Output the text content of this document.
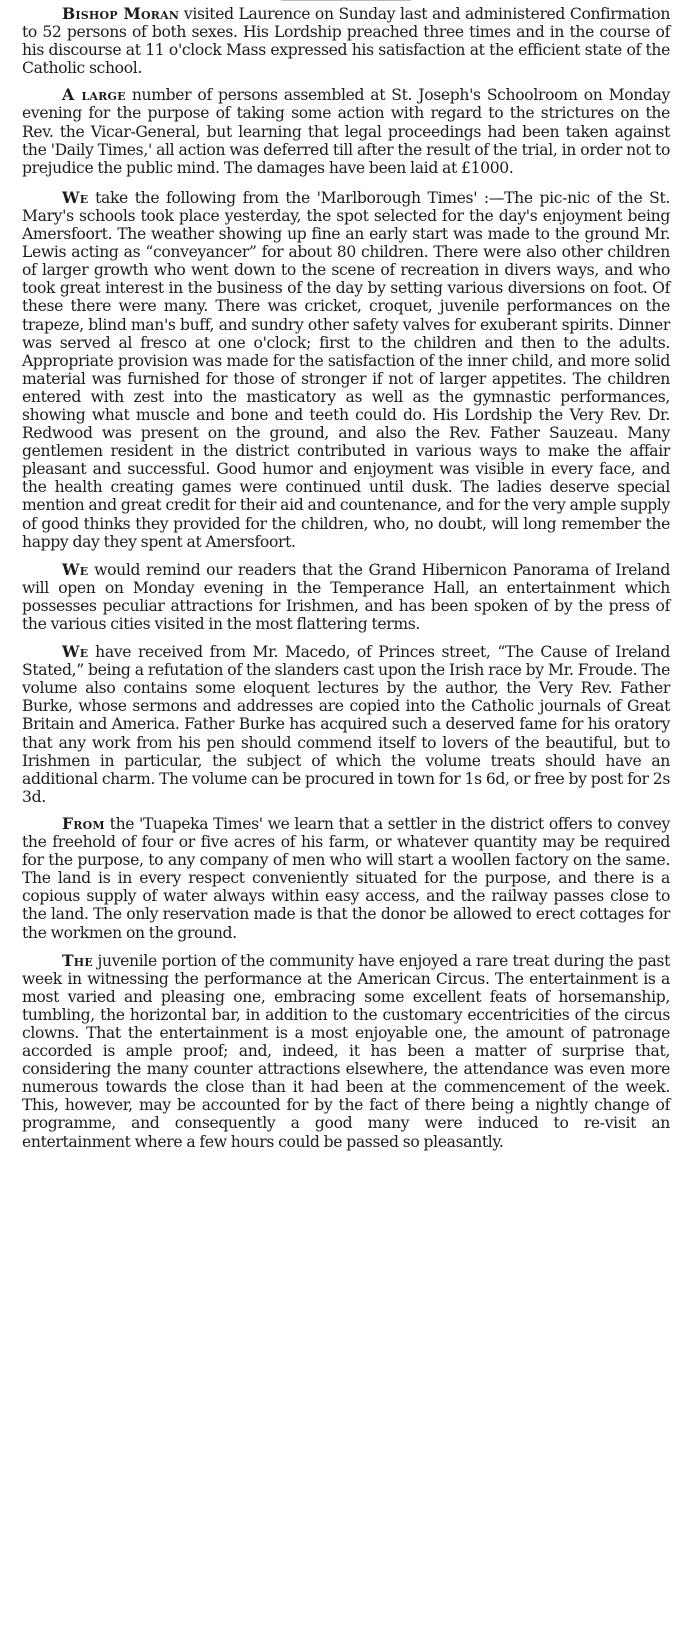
Bishop Moran visited Laurence on Sunday last and administered Confirmation to 52 persons of both sexes. His Lordship preached three times and in the course of his discourse at 11 o'clock Mass expressed his satisfaction at the efficient state of the Catholic school.

A large number of persons assembled at St. Joseph's Schoolroom on Monday evening for the purpose of taking some action with regard to the strictures on the Rev. the Vicar-General, but learning that legal proceedings had been taken against the 'Daily Times,' all action was deferred till after the result of the trial, in order not to prejudice the public mind. The damages have been laid at £1000.

We take the following from the 'Marlborough Times' :—The pic-nic of the St. Mary's schools took place yesterday, the spot selected for the day's enjoyment being Amersfoort. The weather showing up fine an early start was made to the ground Mr. Lewis acting as “conveyancer” for about 80 children. There were also other children of larger growth who went down to the scene of recreation in divers ways, and who took great interest in the business of the day by setting various diversions on foot. Of these there were many. There was cricket, croquet, juvenile performances on the trapeze, blind man's buff, and sundry other safety valves for exuberant spirits. Dinner was served al fresco at one o'clock; first to the children and then to the adults. Appropriate provision was made for the satisfaction of the inner child, and more solid material was furnished for those of stronger if not of larger appetites. The children entered with zest into the masticatory as well as the gymnastic performances, showing what muscle and bone and teeth could do. His Lordship the Very Rev. Dr. Redwood was present on the ground, and also the Rev. Father Sauzeau. Many gentlemen resident in the district contributed in various ways to make the affair pleasant and successful. Good humor and enjoyment was visible in every face, and the health creating games were continued until dusk. The ladies deserve special mention and great credit for their aid and countenance, and for the very ample supply of good thinks they provided for the children, who, no doubt, will long remember the happy day they spent at Amersfoort.

We would remind our readers that the Grand Hibernicon Panorama of Ireland will open on Monday evening in the Temperance Hall, an entertainment which possesses peculiar attractions for Irishmen, and has been spoken of by the press of the various cities visited in the most flattering terms.

We have received from Mr. Macedo, of Princes street, “The Cause of Ireland Stated,” being a refutation of the slanders cast upon the Irish race by Mr. Froude. The volume also contains some eloquent lectures by the author, the Very Rev. Father Burke, whose sermons and addresses are copied into the Catholic journals of Great Britain and America. Father Burke has acquired such a deserved fame for his oratory that any work from his pen should commend itself to lovers of the beautiful, but to Irishmen in particular, the subject of which the volume treats should have an additional charm. The volume can be procured in town for 1s 6d, or free by post for 2s 3d.

From the 'Tuapeka Times' we learn that a settler in the district offers to convey the freehold of four or five acres of his farm, or whatever quantity may be required for the purpose, to any company of men who will start a woollen factory on the same. The land is in every respect conveniently situated for the purpose, and there is a copious supply of water always within easy access, and the railway passes close to the land. The only reservation made is that the donor be allowed to erect cottages for the workmen on the ground.

The juvenile portion of the community have enjoyed a rare treat during the past week in witnessing the performance at the American Circus. The entertainment is a most varied and pleasing one, embracing some excellent feats of horsemanship, tumbling, the horizontal bar, in addition to the customary eccentricities of the circus clowns. That the entertainment is a most enjoyable one, the amount of patronage accorded is ample proof; and, indeed, it has been a matter of surprise that, considering the many counter attractions elsewhere, the attendance was even more numerous towards the close than it had been at the commencement of the week. This, however, may be accounted for by the fact of there being a nightly change of programme, and consequently a good many were induced to re-visit an entertainment where a few hours could be passed so pleasantly.
